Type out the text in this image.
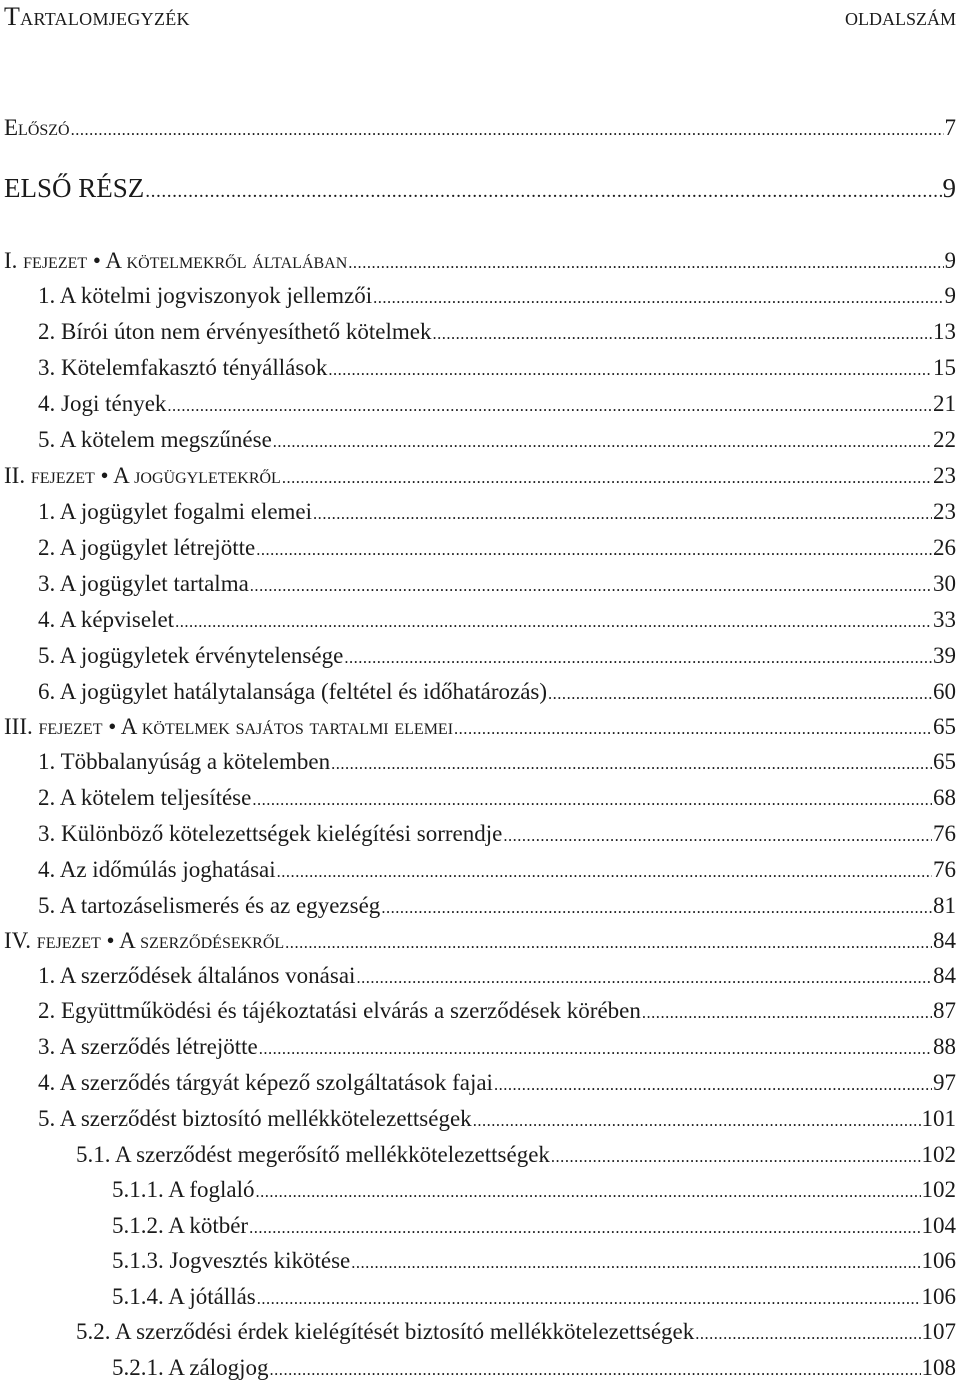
Tartalomjegyzék	oldalszám
Előszó .....	7
ELSŐ RÉSZ .....	9
I. fejezet • A kötelmekről általában .....	9
1. A kötelmi jogviszonyok jellemzői .....	9
2. Bírói úton nem érvényesíthető kötelmek .....	13
3. Kötelemfakasztó tényállások .....	15
4. Jogi tények .....	21
5. A kötelem megszűnése .....	22
II. fejezet • A jogügyletekről .....	23
1. A jogügylet fogalmi elemei .....	23
2. A jogügylet létrejötte .....	26
3. A jogügylet tartalma .....	30
4. A képviselet .....	33
5. A jogügyletek érvénytelensége .....	39
6. A jogügylet hatálytalansága (feltétel és időhatározás) .....	60
III. fejezet • A kötelmek sajátos tartalmi elemei .....	65
1. Többalanyúság a kötelemben .....	65
2. A kötelem teljesítése .....	68
3. Különböző kötelezettségek kielégítési sorrendje .....	76
4. Az időmúlás joghatásai .....	76
5. A tartozáselismerés és az egyezség .....	81
IV. fejezet • A szerződésekről .....	84
1. A szerződések általános vonásai .....	84
2. Együttműködési és tájékoztatási elvárás a szerződések körében .....	87
3. A szerződés létrejötte .....	88
4. A szerződés tárgyát képező szolgáltatások fajai .....	97
5. A szerződést biztosító mellékkötelezettségek .....	101
5.1. A szerződést megerősítő mellékkötelezettségek .....	102
5.1.1. A foglaló .....	102
5.1.2. A kötbér .....	104
5.1.3. Jogvesztés kikötése .....	106
5.1.4. A jótállás .....	106
5.2. A szerződési érdek kielégítését biztosító mellékkötelezettségek .....	107
5.2.1. A zálogjog .....	108
